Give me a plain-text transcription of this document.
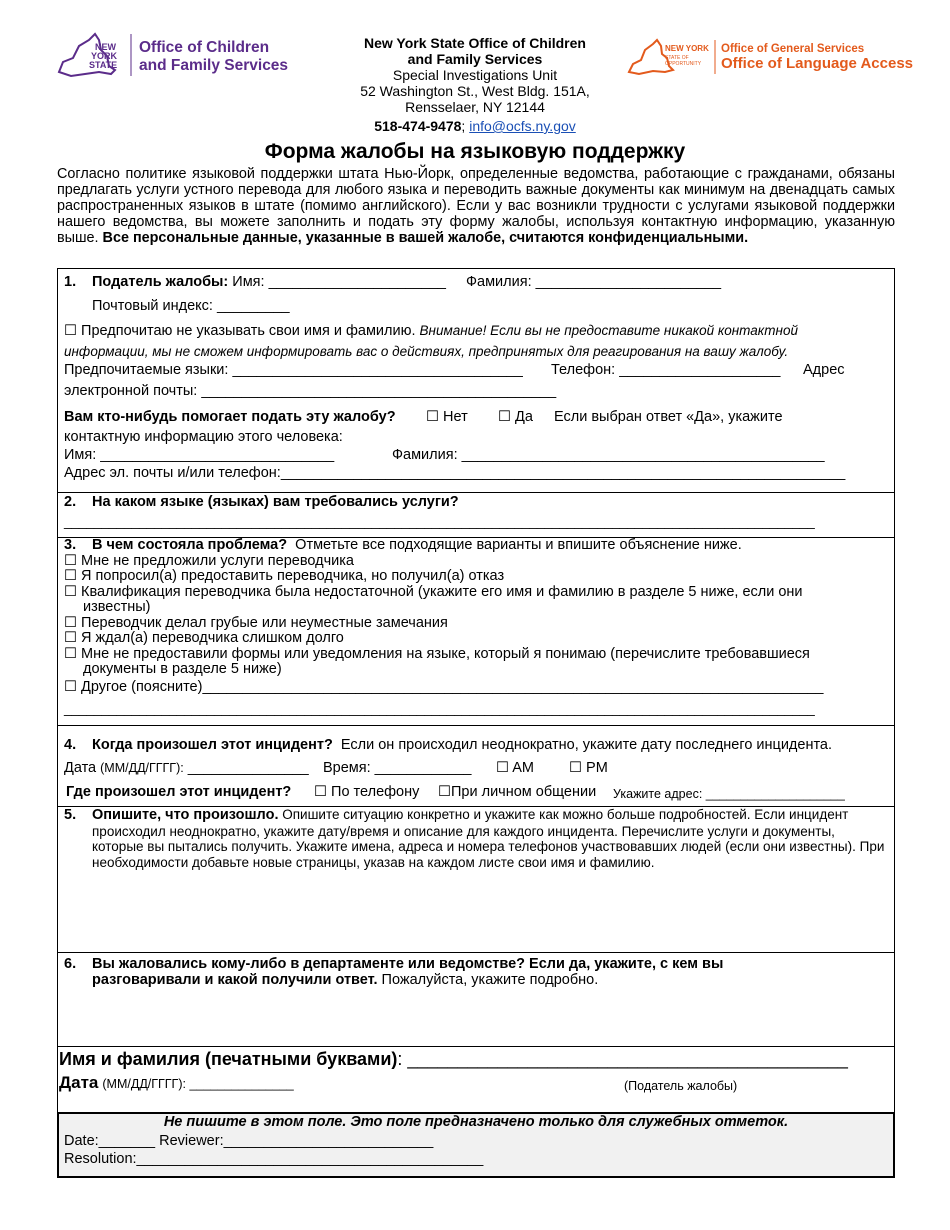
NEW
YORK
STATE
Office of Children
and Family Services
New York State Office of Children
and Family Services
Special Investigations Unit
52 Washington St., West Bldg. 151A,
Rensselaer, NY 12144
518-474-9478; info@ocfs.ny.gov
NEW YORK
STATE OF
OPPORTUNITY
Office of General Services
Office of Language Access
Форма жалобы на языковую поддержку
Согласно политике языковой поддержки штата Нью-Йорк, определенные ведомства, работающие с гражданами, обязаны предлагать услуги устного перевода для любого языка и переводить важные документы как минимум на двенадцать самых распространенных языков в штате (помимо английского). Если у вас возникли трудности с услугами языковой поддержки нашего ведомства, вы можете заполнить и подать эту форму жалобы, используя контактную информацию, указанную выше. Все персональные данные, указанные в вашей жалобе, считаются конфиденциальными.
1. Податель жалобы: Имя: ______________________ Фамилия: _______________________
Почтовый индекс: _________
☐ Предпочитаю не указывать свои имя и фамилию. Внимание! Если вы не предоставите никакой контактной
информации, мы не сможем информировать вас о действиях, предпринятых для реагирования на вашу жалобу.
Предпочитаемые языки: ____________________________________ Телефон: ____________________ Адрес
электронной почты: ____________________________________________
Вам кто-нибудь помогает подать эту жалобу? ☐ Нет ☐ Да Если выбран ответ «Да», укажите
контактную информацию этого человека:
Имя: _____________________________	Фамилия: _____________________________________________
Адрес эл. почты и/или телефон:______________________________________________________________________
2. На каком языке (языках) вам требовались услуги?
____________________________________________________________________________________________________
3. В чем состояла проблема? Отметьте все подходящие варианты и впишите объяснение ниже.
☐ Мне не предложили услуги переводчика
☐ Я попросил(а) предоставить переводчика, но получил(а) отказ
☐ Квалификация переводчика была недостаточной (укажите его имя и фамилию в разделе 5 ниже, если они
известны)
☐ Переводчик делал грубые или неуместные замечания
☐ Я ждал(а) переводчика слишком долго
☐ Мне не предоставили формы или уведомления на языке, который я понимаю (перечислите требовавшиеся
документы в разделе 5 ниже)
☐ Другое (поясните)_____________________________________________________________________________
____________________________________________________________________________________________________
4. Когда произошел этот инцидент? Если он происходил неоднократно, укажите дату последнего инцидента.
Дата (ММ/ДД/ГГГГ): _______________ Время: ____________ ☐ AM ☐ PM
Где произошел этот инцидент? ☐ По телефону ☐При личном общении Укажите адрес: ____________________
5. Опишите, что произошло. Опишите ситуацию конкретно и укажите как можно больше подробностей. Если инцидент происходил неоднократно, укажите дату/время и описание для каждого инцидента. Перечислите услуги и документы, которые вы пытались получить. Укажите имена, адреса и номера телефонов участвовавших людей (если они известны). При необходимости добавьте новые страницы, указав на каждом листе свои имя и фамилию.
6. Вы жаловались кому-либо в департаменте или ведомстве? Если да, укажите, с кем вы разговаривали и какой получили ответ. Пожалуйста, укажите подробно.
Имя и фамилия (печатными буквами): ____________________________________________
Дата (ММ/ДД/ГГГГ): _______________	(Податель жалобы)
Не пишите в этом поле. Это поле предназначено только для служебных отметок.
Date:_______ Reviewer:__________________________
Resolution:___________________________________________
